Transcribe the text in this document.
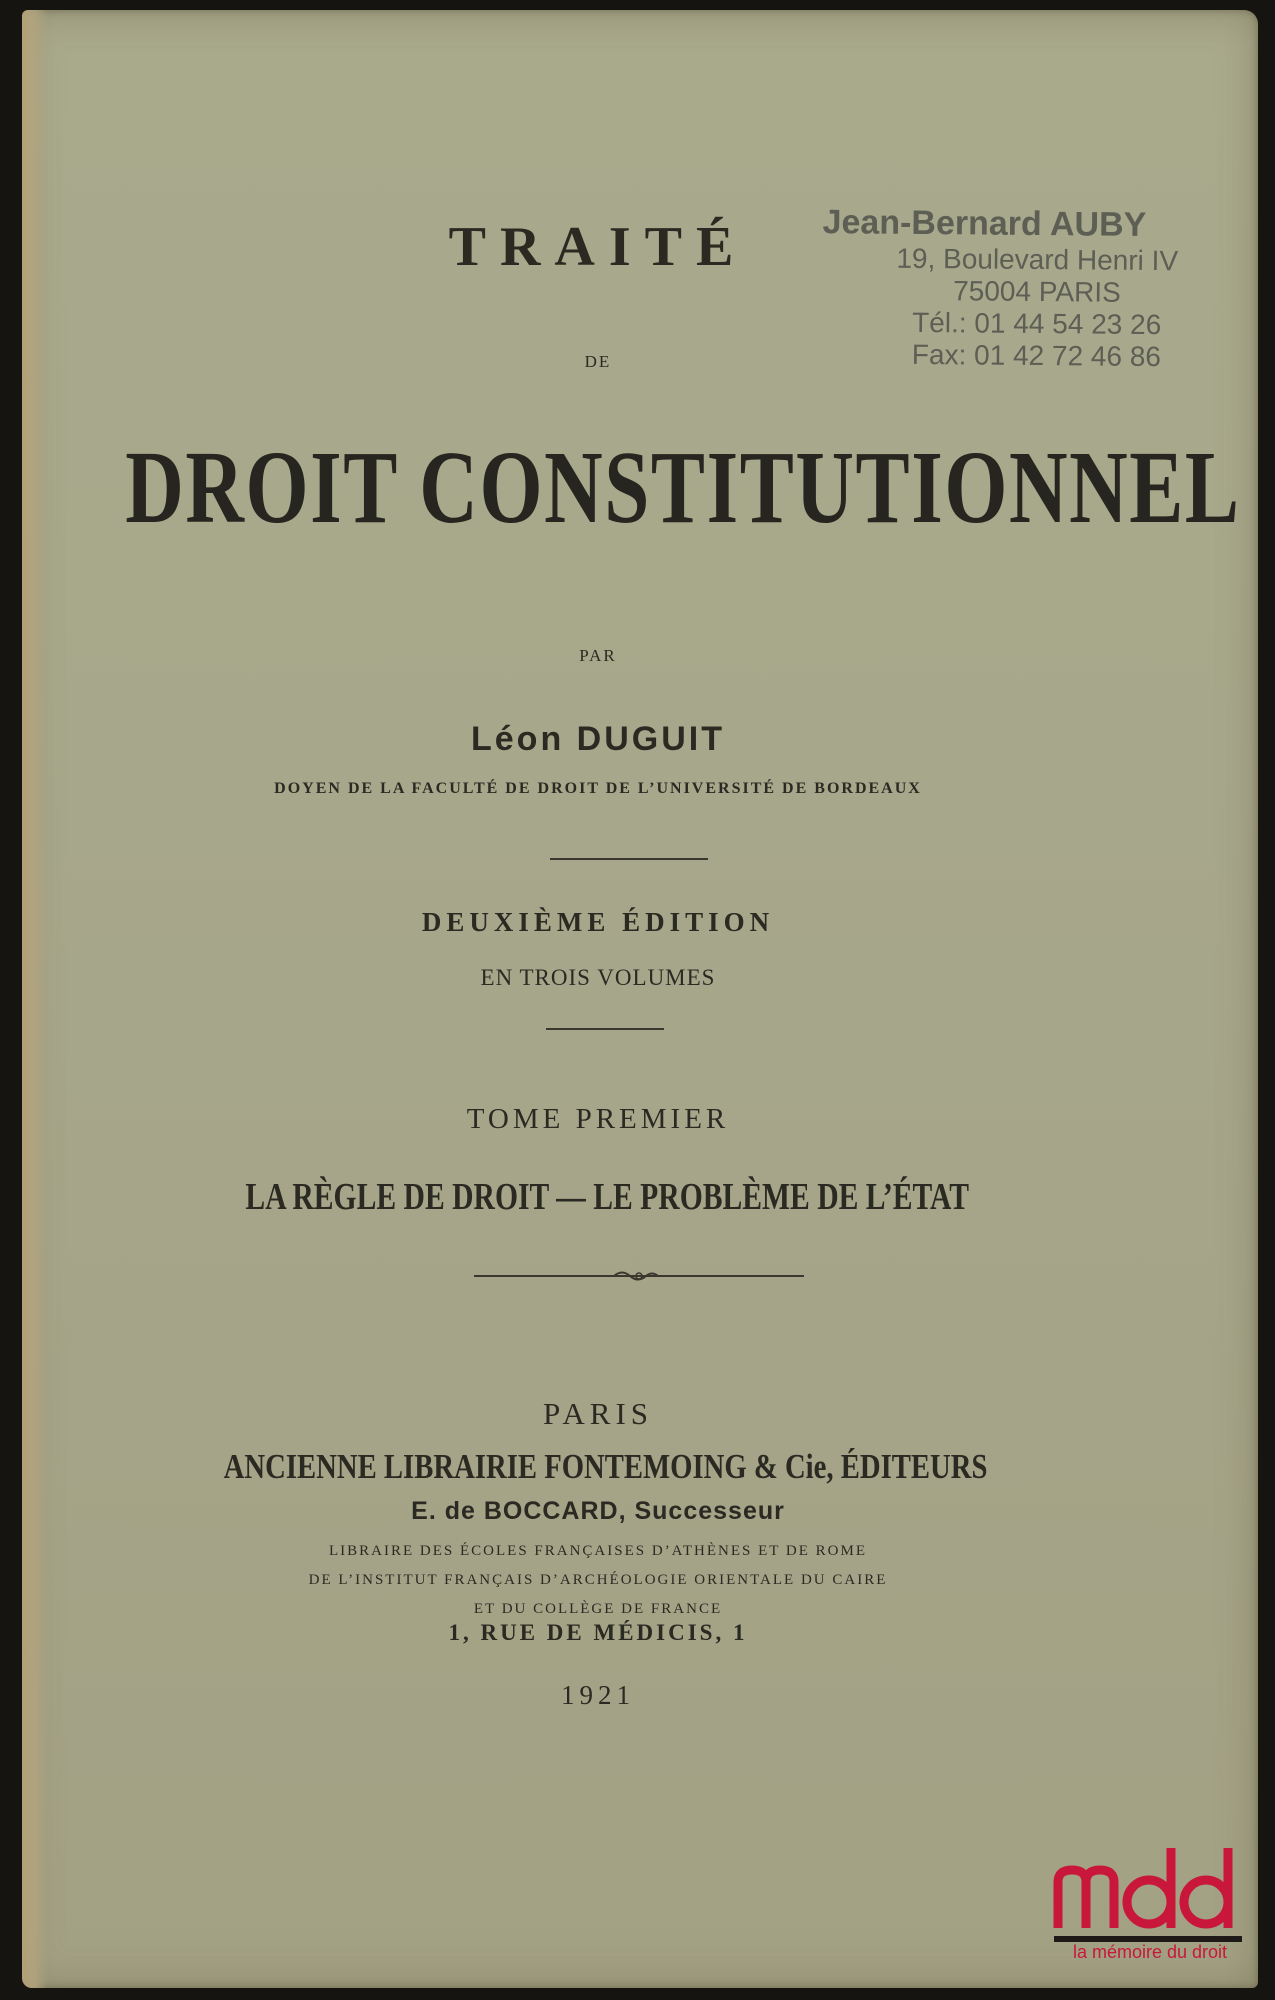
TRAITÉ
DE
DROIT CONSTITUTIONNEL
PAR
Léon DUGUIT
DOYEN DE LA FACULTÉ DE DROIT DE L’UNIVERSITÉ DE BORDEAUX
DEUXIÈME ÉDITION
EN TROIS VOLUMES
TOME PREMIER
LA RÈGLE DE DROIT — LE PROBLÈME DE L’ÉTAT
PARIS
ANCIENNE LIBRAIRIE FONTEMOING & Cie, ÉDITEURS
E. de BOCCARD, Successeur
LIBRAIRE DES ÉCOLES FRANÇAISES D’ATHÈNES ET DE ROME
DE L’INSTITUT FRANÇAIS D’ARCHÉOLOGIE ORIENTALE DU CAIRE
ET DU COLLÈGE DE FRANCE
1, RUE DE MÉDICIS, 1
1921
Jean-Bernard AUBY
19, Boulevard Henri IV
75004 PARIS
Tél.: 01 44 54 23 26
Fax: 01 42 72 46 86
la mémoire du droit
